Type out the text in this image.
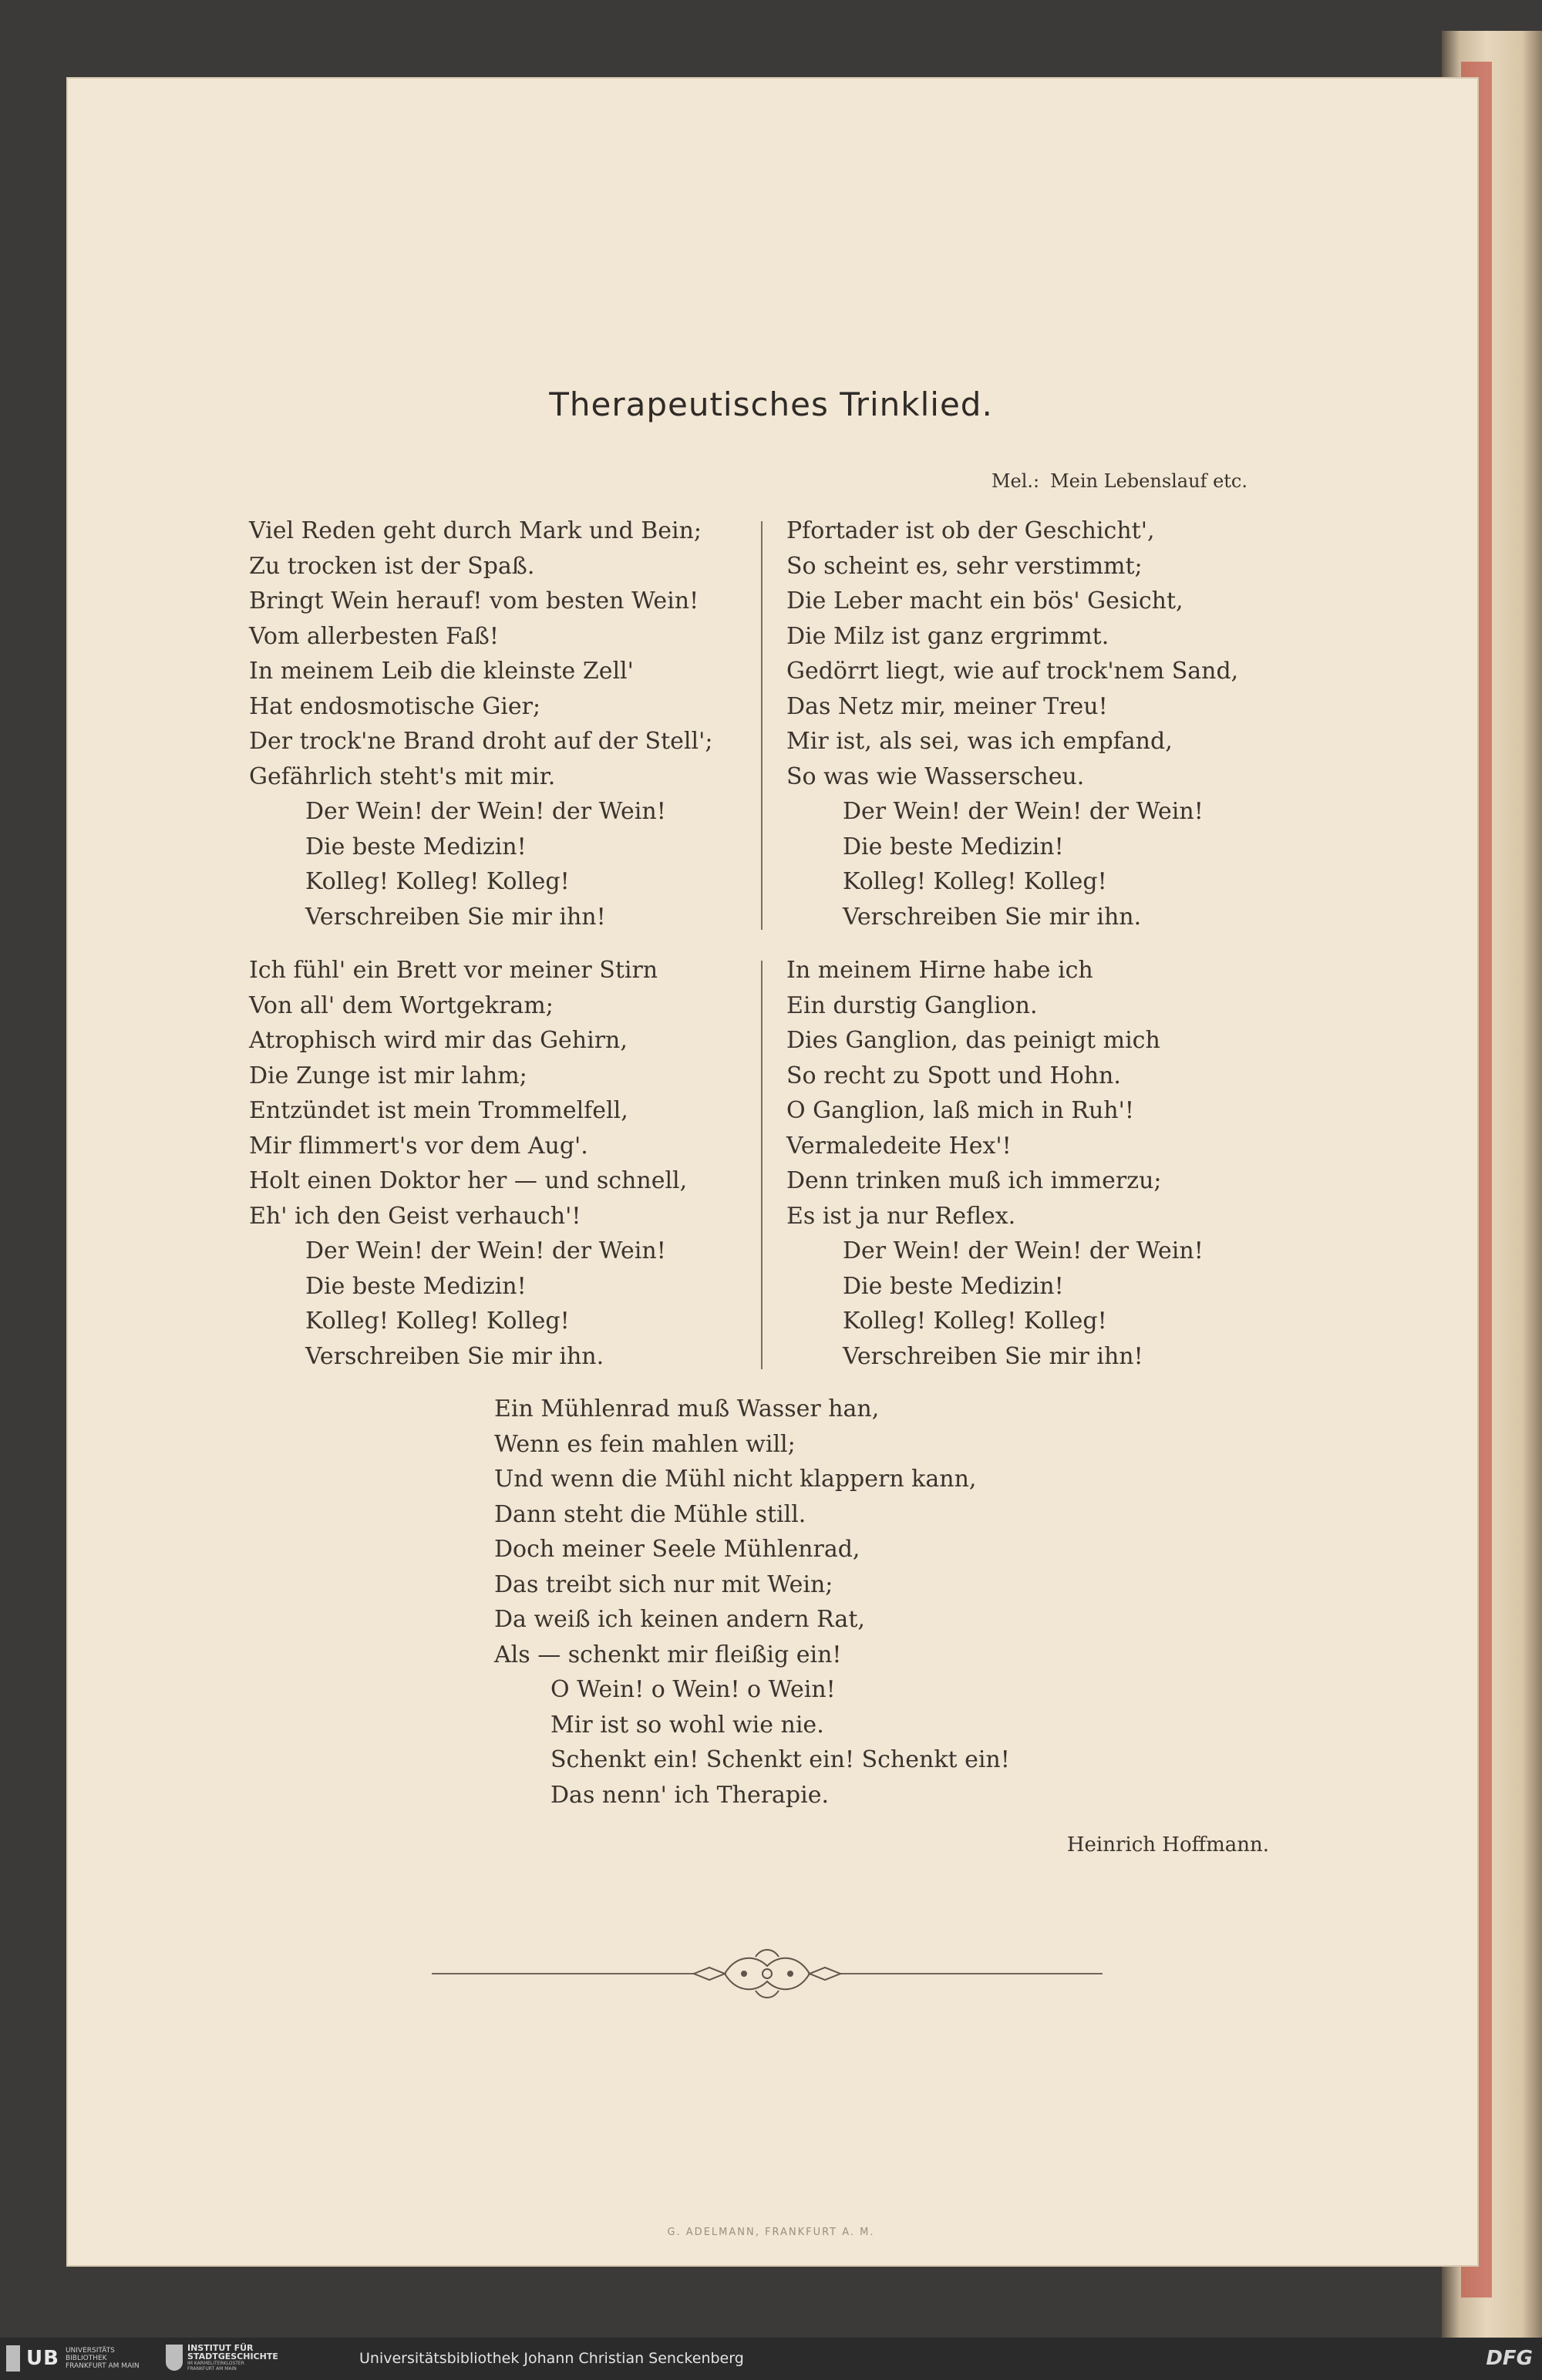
Therapeutisches Trinklied.
Mel.: Mein Lebenslauf etc.
Viel Reden geht durch Mark und Bein;
Zu trocken ist der Spaß.
Bringt Wein herauf! vom besten Wein!
Vom allerbesten Faß!
In meinem Leib die kleinste Zell'
Hat endosmotische Gier;
Der trock'ne Brand droht auf der Stell';
Gefährlich steht's mit mir.
Der Wein! der Wein! der Wein!
Die beste Medizin!
Kolleg! Kolleg! Kolleg!
Verschreiben Sie mir ihn!
Pfortader ist ob der Geschicht',
So scheint es, sehr verstimmt;
Die Leber macht ein bös' Gesicht,
Die Milz ist ganz ergrimmt.
Gedörrt liegt, wie auf trock'nem Sand,
Das Netz mir, meiner Treu!
Mir ist, als sei, was ich empfand,
So was wie Wasserscheu.
Der Wein! der Wein! der Wein!
Die beste Medizin!
Kolleg! Kolleg! Kolleg!
Verschreiben Sie mir ihn.
Ich fühl' ein Brett vor meiner Stirn
Von all' dem Wortgekram;
Atrophisch wird mir das Gehirn,
Die Zunge ist mir lahm;
Entzündet ist mein Trommelfell,
Mir flimmert's vor dem Aug'.
Holt einen Doktor her — und schnell,
Eh' ich den Geist verhauch'!
Der Wein! der Wein! der Wein!
Die beste Medizin!
Kolleg! Kolleg! Kolleg!
Verschreiben Sie mir ihn.
In meinem Hirne habe ich
Ein durstig Ganglion.
Dies Ganglion, das peinigt mich
So recht zu Spott und Hohn.
O Ganglion, laß mich in Ruh'!
Vermaledeite Hex'!
Denn trinken muß ich immerzu;
Es ist ja nur Reflex.
Der Wein! der Wein! der Wein!
Die beste Medizin!
Kolleg! Kolleg! Kolleg!
Verschreiben Sie mir ihn!
Ein Mühlenrad muß Wasser han,
Wenn es fein mahlen will;
Und wenn die Mühl nicht klappern kann,
Dann steht die Mühle still.
Doch meiner Seele Mühlenrad,
Das treibt sich nur mit Wein;
Da weiß ich keinen andern Rat,
Als — schenkt mir fleißig ein!
O Wein! o Wein! o Wein!
Mir ist so wohl wie nie.
Schenkt ein! Schenkt ein! Schenkt ein!
Das nenn' ich Therapie.
Heinrich Hoffmann.
G. ADELMANN, FRANKFURT A. M.
UB UNIVERSITÄTS
BIBLIOTHEK
FRANKFURT AM MAIN
INSTITUT FÜR
STADTGESCHICHTE
IM KARMELITERKLOSTER
FRANKFURT AM MAIN
Universitätsbibliothek Johann Christian Senckenberg	DFG
